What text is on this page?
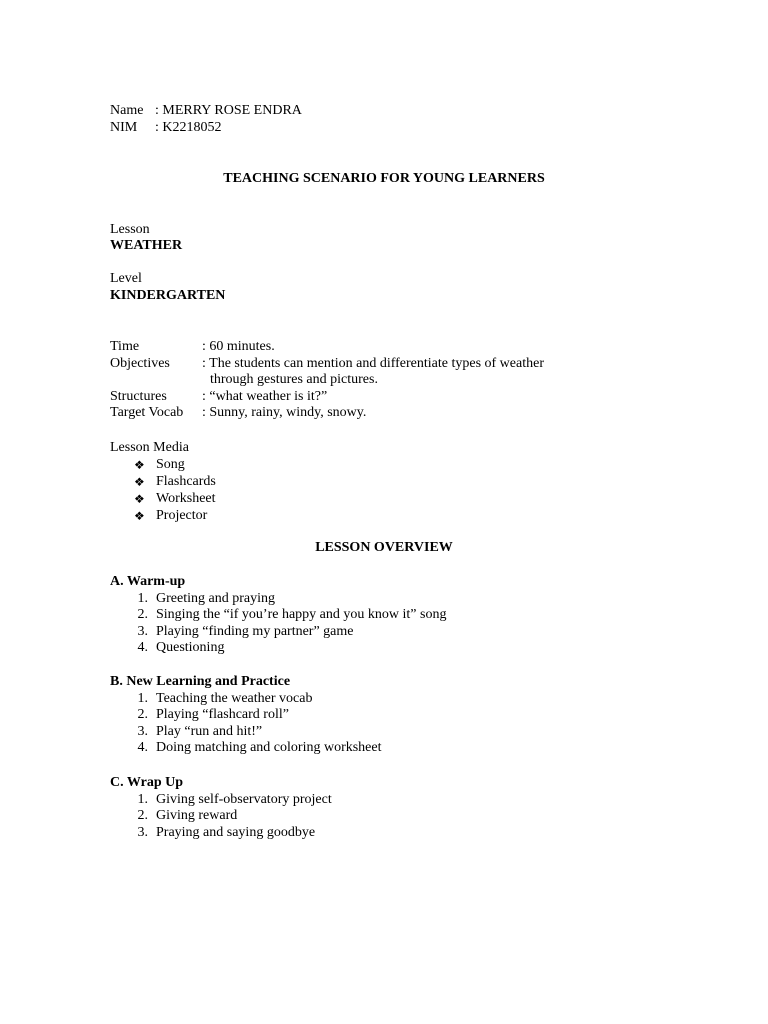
Name : MERRY ROSE ENDRA
NIM : K2218052
TEACHING SCENARIO FOR YOUNG LEARNERS
Lesson
WEATHER
Level
KINDERGARTEN
Time	: 60 minutes.
Objectives : The students can mention and differentiate types of weather
through gestures and pictures.
Structures	: “what weather is it?”
Target Vocab : Sunny, rainy, windy, snowy.
Lesson Media
❖ Song
❖ Flashcards
❖ Worksheet
❖ Projector
LESSON OVERVIEW
A. Warm-up
1. Greeting and praying
2. Singing the “if you’re happy and you know it” song
3. Playing “finding my partner” game
4. Questioning
B. New Learning and Practice
1. Teaching the weather vocab
2. Playing “flashcard roll”
3. Play “run and hit!”
4. Doing matching and coloring worksheet
C. Wrap Up
1. Giving self-observatory project
2. Giving reward
3. Praying and saying goodbye
